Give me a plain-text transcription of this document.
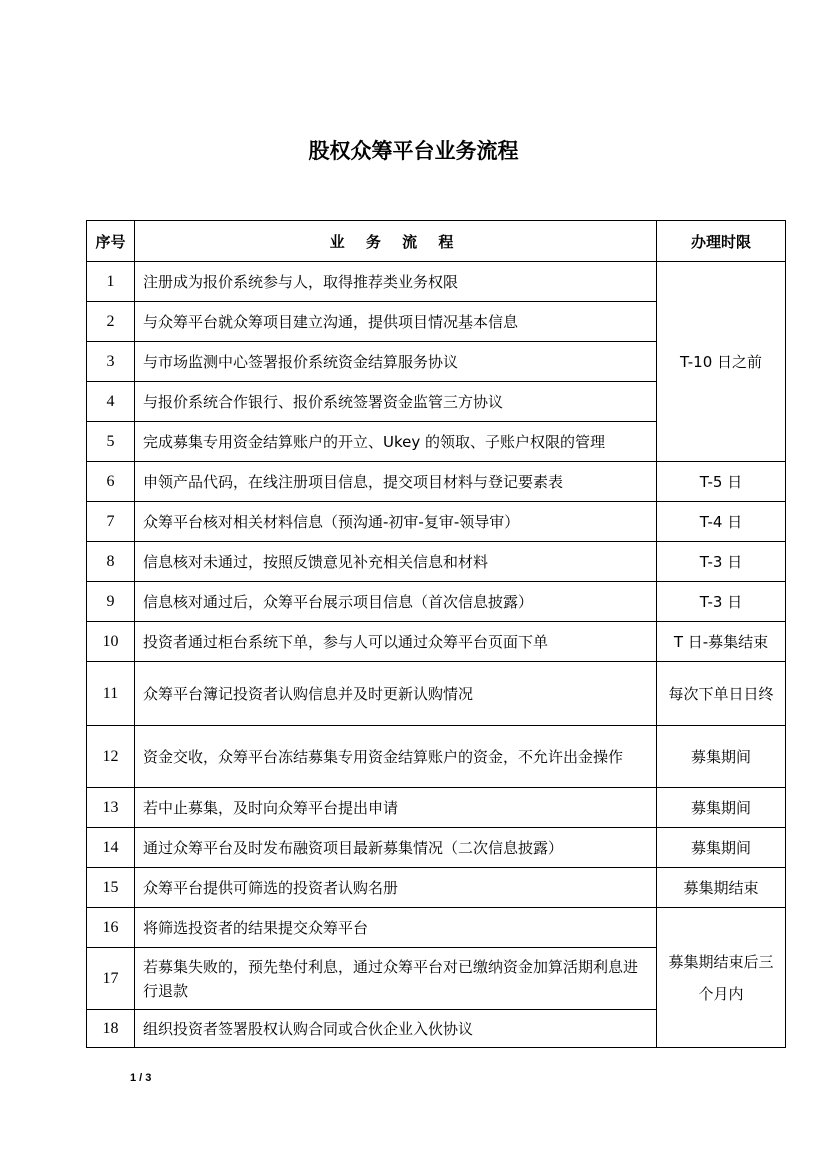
股权众筹平台业务流程
序号	业 务 流 程	办理时限
1	注册成为报价系统参与人，取得推荐类业务权限	T-10 日之前
2	与众筹平台就众筹项目建立沟通，提供项目情况基本信息	
3	与市场监测中心签署报价系统资金结算服务协议	
4	与报价系统合作银行、报价系统签署资金监管三方协议	
5	完成募集专用资金结算账户的开立、Ukey 的领取、子账户权限的管理	
6	申领产品代码，在线注册项目信息，提交项目材料与登记要素表	T-5 日
7	众筹平台核对相关材料信息（预沟通-初审-复审-领导审）	T-4 日
8	信息核对未通过，按照反馈意见补充相关信息和材料	T-3 日
9	信息核对通过后，众筹平台展示项目信息（首次信息披露）	T-3 日
10	投资者通过柜台系统下单，参与人可以通过众筹平台页面下单	T 日-募集结束
11	众筹平台簿记投资者认购信息并及时更新认购情况	每次下单日日终
12	资金交收，众筹平台冻结募集专用资金结算账户的资金，不允许出金操作	募集期间
13	若中止募集，及时向众筹平台提出申请	募集期间
14	通过众筹平台及时发布融资项目最新募集情况（二次信息披露）	募集期间
15	众筹平台提供可筛选的投资者认购名册	募集期结束
16	将筛选投资者的结果提交众筹平台	募集期结束后三个月内
17	若募集失败的，预先垫付利息，通过众筹平台对已缴纳资金加算活期利息进行退款	
18	组织投资者签署股权认购合同或合伙企业入伙协议	
1 / 3
